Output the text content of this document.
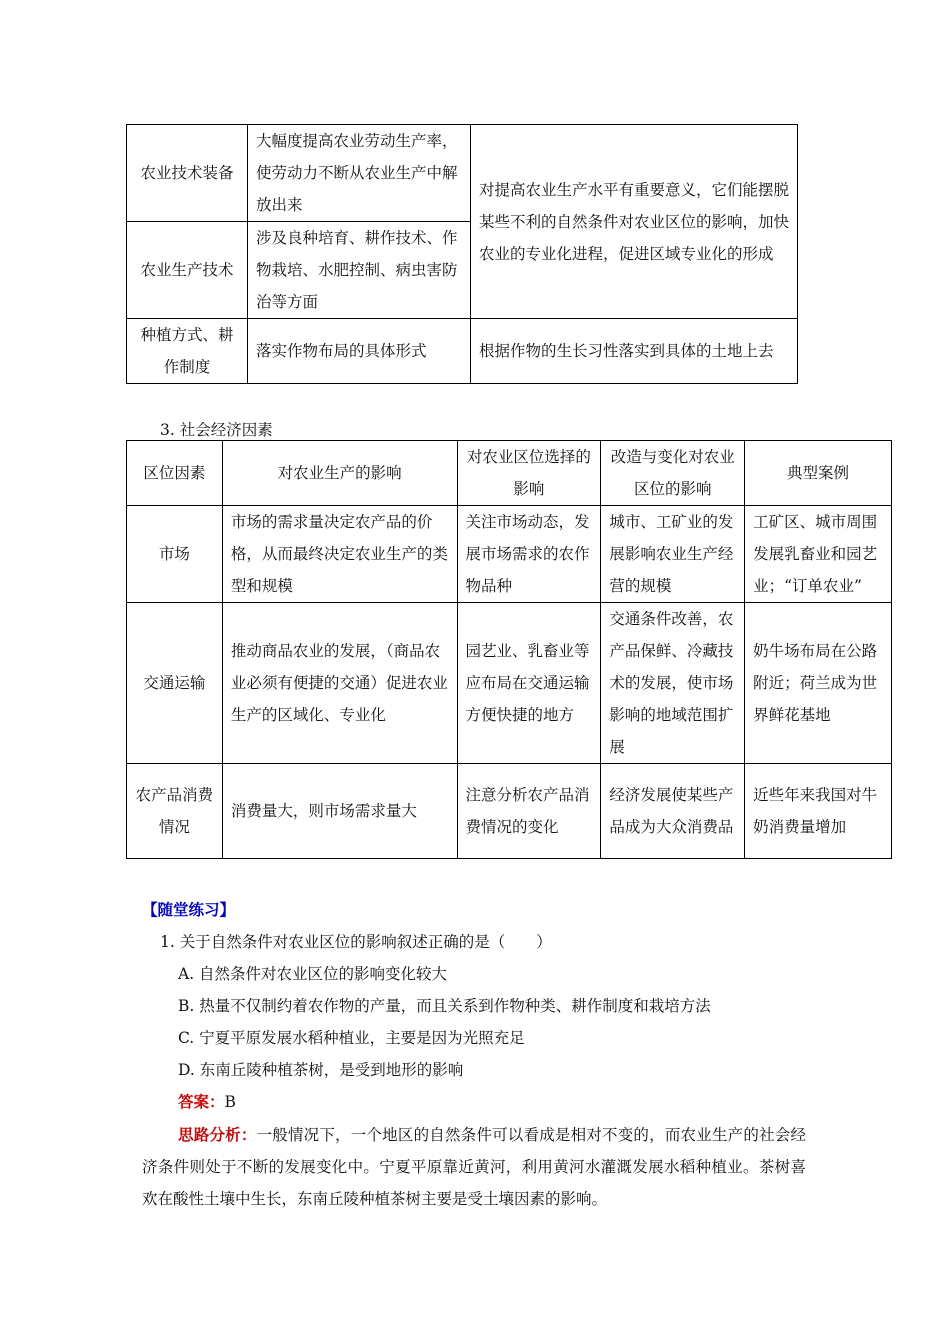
农业技术装备	大幅度提高农业劳动生产率，使劳动力不断从农业生产中解放出来	对提高农业生产水平有重要意义，它们能摆脱某些不利的自然条件对农业区位的影响，加快农业的专业化进程，促进区域专业化的形成
农业生产技术	涉及良种培育、耕作技术、作物栽培、水肥控制、病虫害防治等方面	
种植方式、耕作制度	落实作物布局的具体形式	根据作物的生长习性落实到具体的土地上去
3. 社会经济因素
区位因素	对农业生产的影响	对农业区位选择的影响	改造与变化对农业区位的影响	典型案例
市场	市场的需求量决定农产品的价格，从而最终决定农业生产的类型和规模	关注市场动态，发展市场需求的农作物品种	城市、工矿业的发展影响农业生产经营的规模	工矿区、城市周围发展乳畜业和园艺业；“订单农业”
交通运输	推动商品农业的发展，（商品农业必须有便捷的交通）促进农业生产的区域化、专业化	园艺业、乳畜业等应布局在交通运输方便快捷的地方	交通条件改善，农产品保鲜、冷藏技术的发展，使市场影响的地域范围扩展	奶牛场布局在公路附近；荷兰成为世界鲜花基地
农产品消费情况	消费量大，则市场需求量大	注意分析农产品消费情况的变化	经济发展使某些产品成为大众消费品	近些年来我国对牛奶消费量增加
【随堂练习】
1. 关于自然条件对农业区位的影响叙述正确的是（　　）
A. 自然条件对农业区位的影响变化较大
B. 热量不仅制约着农作物的产量，而且关系到作物种类、耕作制度和栽培方法
C. 宁夏平原发展水稻种植业，主要是因为光照充足
D. 东南丘陵种植茶树，是受到地形的影响
答案：B
思路分析：一般情况下，一个地区的自然条件可以看成是相对不变的，而农业生产的社会经济条件则处于不断的发展变化中。宁夏平原靠近黄河，利用黄河水灌溉发展水稻种植业。茶树喜欢在酸性土壤中生长，东南丘陵种植茶树主要是受土壤因素的影响。
